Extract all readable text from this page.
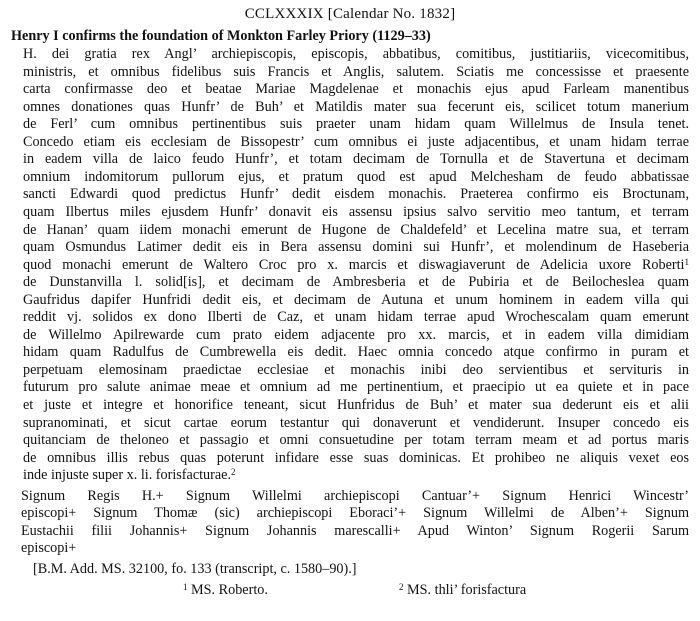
CCLXXXIX [Calendar No. 1832]
Henry I confirms the foundation of Monkton Farley Priory (1129–33)
H. dei gratia rex Angl’ archiepiscopis, episcopis, abbatibus, comitibus, justitiariis, vicecomitibus,
ministris, et omnibus fidelibus suis Francis et Anglis, salutem. Sciatis me concessisse et praesente
carta confirmasse deo et beatae Mariae Magdelenae et monachis ejus apud Farleam manentibus
omnes donationes quas Hunfr’ de Buh’ et Matildis mater sua fecerunt eis, scilicet totum manerium
de Ferl’ cum omnibus pertinentibus suis praeter unam hidam quam Willelmus de Insula tenet.
Concedo etiam eis ecclesiam de Bissopestr’ cum omnibus ei juste adjacentibus, et unam hidam terrae
in eadem villa de laico feudo Hunfr’, et totam decimam de Tornulla et de Stavertuna et decimam
omnium indomitorum pullorum ejus, et pratum quod est apud Melchesham de feudo abbatissae
sancti Edwardi quod predictus Hunfr’ dedit eisdem monachis. Praeterea confirmo eis Broctunam,
quam Ilbertus miles ejusdem Hunfr’ donavit eis assensu ipsius salvo servitio meo tantum, et terram
de Hanan’ quam iidem monachi emerunt de Hugone de Chaldefeld’ et Lecelina matre sua, et terram
quam Osmundus Latimer dedit eis in Bera assensu domini sui Hunfr’, et molendinum de Haseberia
quod monachi emerunt de Waltero Croc pro x. marcis et diswagiaverunt de Adelicia uxore Roberti$^1$
de Dunstanvilla l. solid[is], et decimam de Ambresberia et de Pubiria et de Beilocheslea quam
Gaufridus dapifer Hunfridi dedit eis, et decimam de Autuna et unum hominem in eadem villa qui
reddit vj. solidos ex dono Ilberti de Caz, et unam hidam terrae apud Wrochescalam quam emerunt
de Willelmo Apilrewarde cum prato eidem adjacente pro xx. marcis, et in eadem villa dimidiam
hidam quam Radulfus de Cumbrewella eis dedit. Haec omnia concedo atque confirmo in puram et
perpetuam elemosinam praedictae ecclesiae et monachis inibi deo servientibus et servituris in
futurum pro salute animae meae et omnium ad me pertinentium, et praecipio ut ea quiete et in pace
et juste et integre et honorifice teneant, sicut Hunfridus de Buh’ et mater sua dederunt eis et alii
supranominati, et sicut cartae eorum testantur qui donaverunt et vendiderunt. Insuper concedo eis
quitanciam de theloneo et passagio et omni consuetudine per totam terram meam et ad portus maris
de omnibus illis rebus quas poterunt infidare esse suas dominicas. Et prohibeo ne aliquis vexet eos
inde injuste super x. li. forisfacturae.$^2$
Signum Regis H.+ Signum Willelmi archiepiscopi Cantuar’+ Signum Henrici Wincestr’
episcopi+ Signum Thomæ (sic) archiepiscopi Eboraci’+ Signum Willelmi de Alben’+ Signum
Eustachii filii Johannis+ Signum Johannis marescalli+ Apud Winton’ Signum Rogerii Sarum
episcopi+
[B.M. Add. MS. 32100, fo. 133 (transcript, c. 1580–90).]
$^1$ MS. Roberto.	$^2$ MS. thli’ forisfactura
